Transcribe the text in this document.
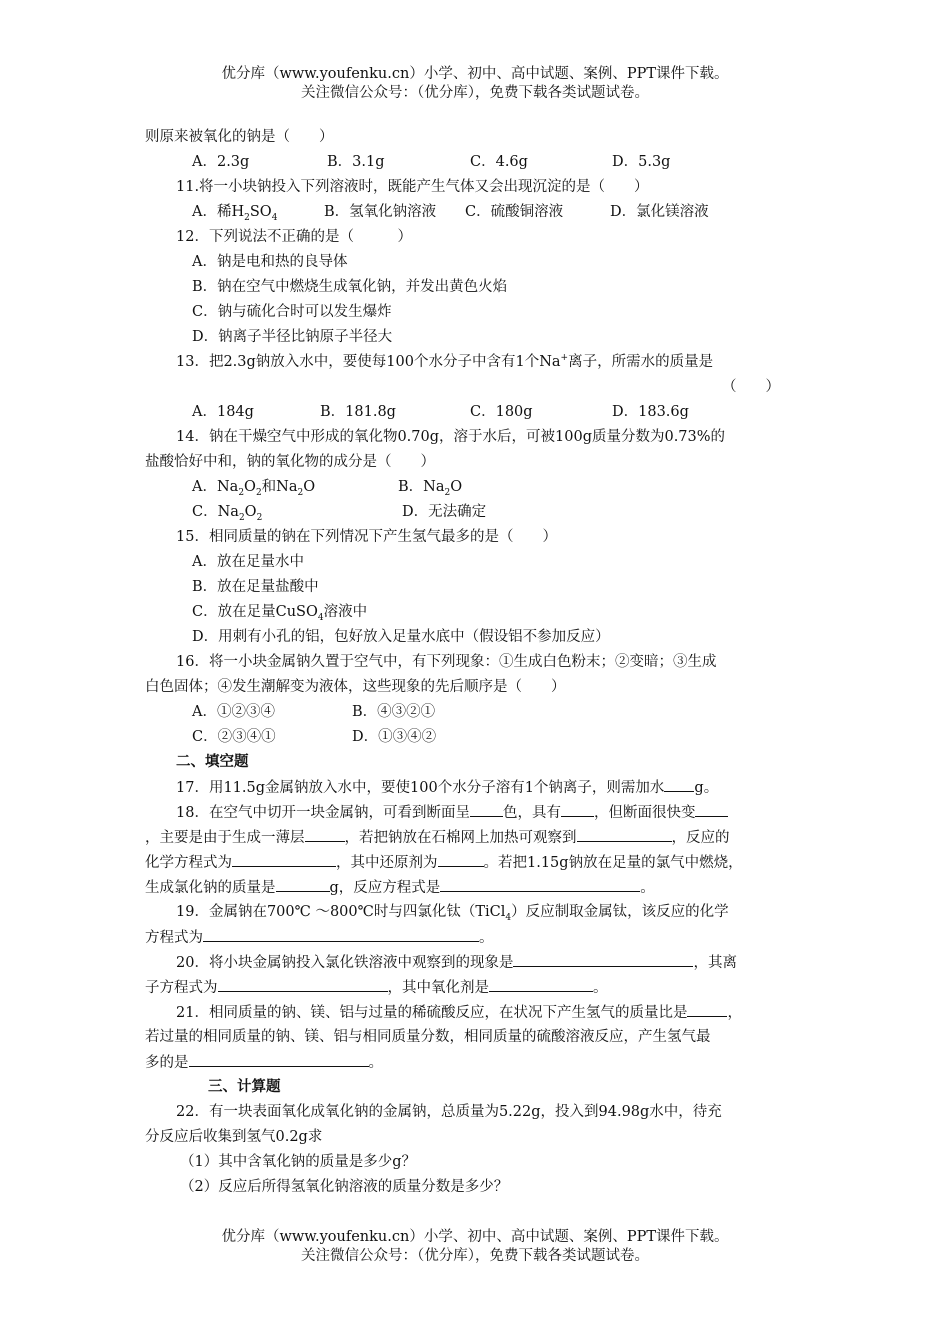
优分库（www.youfenku.cn）小学、初中、高中试题、案例、PPT课件下载。
关注微信公众号：（优分库），免费下载各类试题试卷。
则原来被氧化的钠是（　　）
A．2.3g	B．3.1g	C．4.6g	D．5.3g
11.将一小块钠投入下列溶液时，既能产生气体又会出现沉淀的是（　　）
A．稀$H_2SO_4$	B．氢氧化钠溶液 C．硫酸铜溶液	D．氯化镁溶液
12．下列说法不正确的是（　　　）
A．钠是电和热的良导体
B．钠在空气中燃烧生成氧化钠，并发出黄色火焰
C．钠与硫化合时可以发生爆炸
D．钠离子半径比钠原子半径大
13．把2.3g钠放入水中，要使每100个水分子中含有1个Na+离子，所需水的质量是
（　　）
A．184g	B．181.8g	C．180g	D．183.6g
14．钠在干燥空气中形成的氧化物0.70g，溶于水后，可被100g质量分数为0.73%的
盐酸恰好中和，钠的氧化物的成分是（　　）
A．$Na_2O_2$和$Na_2O$	B．$Na_2O$
C．$Na_2O_2$	D．无法确定
15．相同质量的钠在下列情况下产生氢气最多的是（　　）
A．放在足量水中
B．放在足量盐酸中
C．放在足量CuSO$_4$溶液中
D．用刺有小孔的铝，包好放入足量水底中（假设铝不参加反应）
16．将一小块金属钠久置于空气中，有下列现象：①生成白色粉末；②变暗；③生成
白色固体；④发生潮解变为液体，这些现象的先后顺序是（　　）
A．①②③④	B．④③②①
C．②③④①	D．①③④②
二、填空题
17．用11.5g金属钠放入水中，要使100个水分子溶有1个钠离子，则需加水 g。
18．在空气中切开一块金属钠，可看到断面呈 色，具有 ，但断面很快变
，主要是由于生成一薄层	，若把钠放在石棉网上加热可观察到	，反应的
化学方程式为	，其中还原剂为	。若把1.15g钠放在足量的氯气中燃烧，
生成氯化钠的质量是	g，反应方程式是	。
19．金属钠在700℃ ～800℃时与四氯化钛（TiCl$_4$）反应制取金属钛，该反应的化学
方程式为	。
20．将小块金属钠投入氯化铁溶液中观察到的现象是	，其离
子方程式为	，其中氧化剂是	。
21．相同质量的钠、镁、铝与过量的稀硫酸反应，在状况下产生氢气的质量比是	，
若过量的相同质量的钠、镁、铝与相同质量分数，相同质量的硫酸溶液反应，产生氢气最
多的是	。
三、计算题
22．有一块表面氧化成氧化钠的金属钠，总质量为5.22g，投入到94.98g水中，待充
分反应后收集到氢气0.2g求
（1）其中含氧化钠的质量是多少g？
（2）反应后所得氢氧化钠溶液的质量分数是多少？
优分库（www.youfenku.cn）小学、初中、高中试题、案例、PPT课件下载。
关注微信公众号：（优分库），免费下载各类试题试卷。
